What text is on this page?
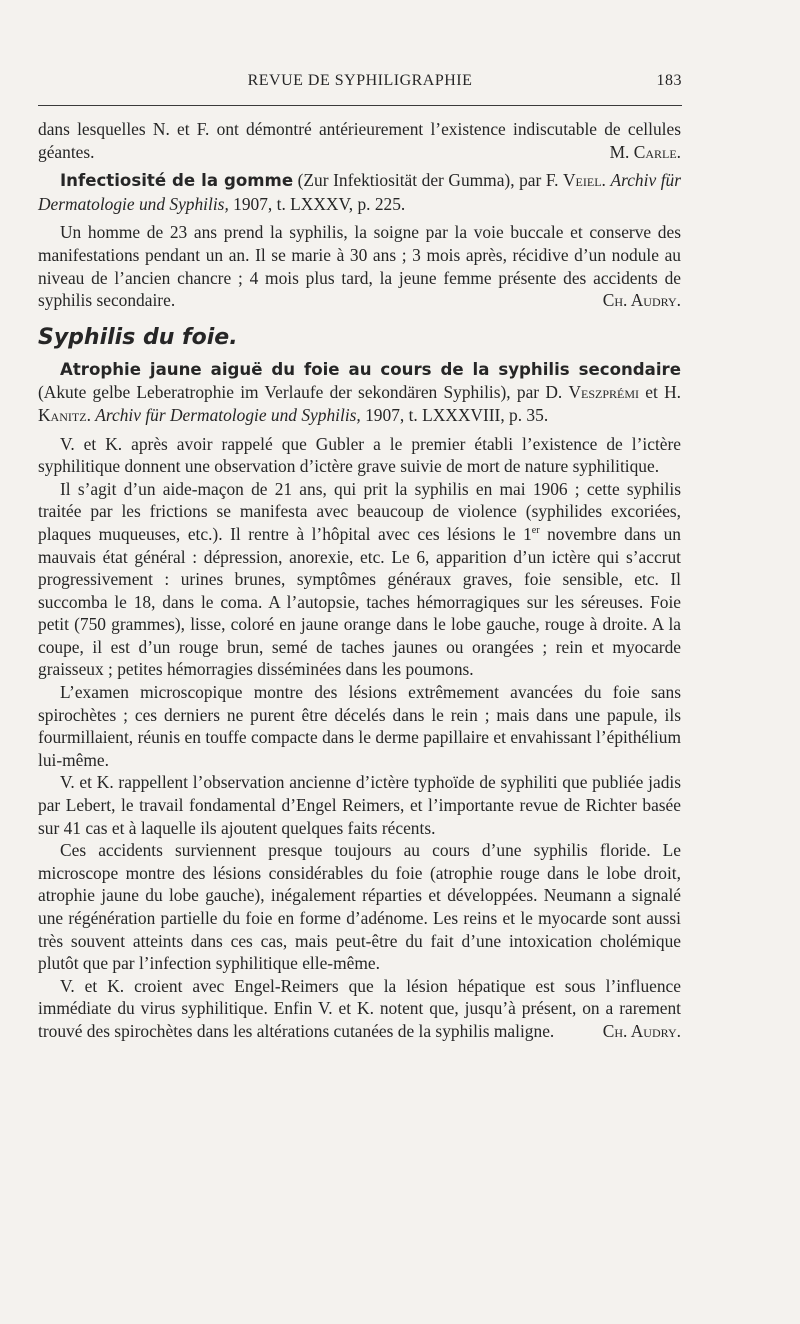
REVUE DE SYPHILIGRAPHIE	183

dans lesquelles N. et F. ont démontré antérieurement l’existence indiscutable de cellules géantes.	M. Carle.

Infectiosité de la gomme (Zur Infektiosität der Gumma), par F. Veiel. Archiv für Dermatologie und Syphilis, 1907, t. LXXXV, p. 225.

Un homme de 23 ans prend la syphilis, la soigne par la voie buccale et conserve des manifestations pendant un an. Il se marie à 30 ans ; 3 mois après, récidive d’un nodule au niveau de l’ancien chancre ; 4 mois plus tard, la jeune femme présente des accidents de syphilis secondaire.	Ch. Audry.

Syphilis du foie.

Atrophie jaune aiguë du foie au cours de la syphilis secondaire (Akute gelbe Leberatrophie im Verlaufe der sekondären Syphilis), par D. Veszprémi et H. Kanitz. Archiv für Dermatologie und Syphilis, 1907, t. LXXXVIII, p. 35.

V. et K. après avoir rappelé que Gubler a le premier établi l’existence de l’ictère syphilitique donnent une observation d’ictère grave suivie de mort de nature syphilitique.

Il s’agit d’un aide-maçon de 21 ans, qui prit la syphilis en mai 1906 ; cette syphilis traitée par les frictions se manifesta avec beaucoup de violence (syphilides excoriées, plaques muqueuses, etc.). Il rentre à l’hôpital avec ces lésions le 1er novembre dans un mauvais état général : dépression, anorexie, etc. Le 6, apparition d’un ictère qui s’accrut progressivement : urines brunes, symptômes généraux graves, foie sensible, etc. Il succomba le 18, dans le coma. A l’autopsie, taches hémorragiques sur les séreuses. Foie petit (750 grammes), lisse, coloré en jaune orange dans le lobe gauche, rouge à droite. A la coupe, il est d’un rouge brun, semé de taches jaunes ou orangées ; rein et myocarde graisseux ; petites hémorragies disséminées dans les poumons.

L’examen microscopique montre des lésions extrêmement avancées du foie sans spirochètes ; ces derniers ne purent être décelés dans le rein ; mais dans une papule, ils fourmillaient, réunis en touffe compacte dans le derme papillaire et envahissant l’épithélium lui-même.

V. et K. rappellent l’observation ancienne d’ictère typhoïde de syphiliti que publiée jadis par Lebert, le travail fondamental d’Engel Reimers, et l’importante revue de Richter basée sur 41 cas et à laquelle ils ajoutent quelques faits récents.

Ces accidents surviennent presque toujours au cours d’une syphilis floride. Le microscope montre des lésions considérables du foie (atrophie rouge dans le lobe droit, atrophie jaune du lobe gauche), inégalement réparties et développées. Neumann a signalé une régénération partielle du foie en forme d’adénome. Les reins et le myocarde sont aussi très souvent atteints dans ces cas, mais peut-être du fait d’une intoxication cholémique plutôt que par l’infection syphilitique elle-même.

V. et K. croient avec Engel-Reimers que la lésion hépatique est sous l’influence immédiate du virus syphilitique. Enfin V. et K. notent que, jusqu’à présent, on a rarement trouvé des spirochètes dans les altérations cutanées de la syphilis maligne.	Ch. Audry.
